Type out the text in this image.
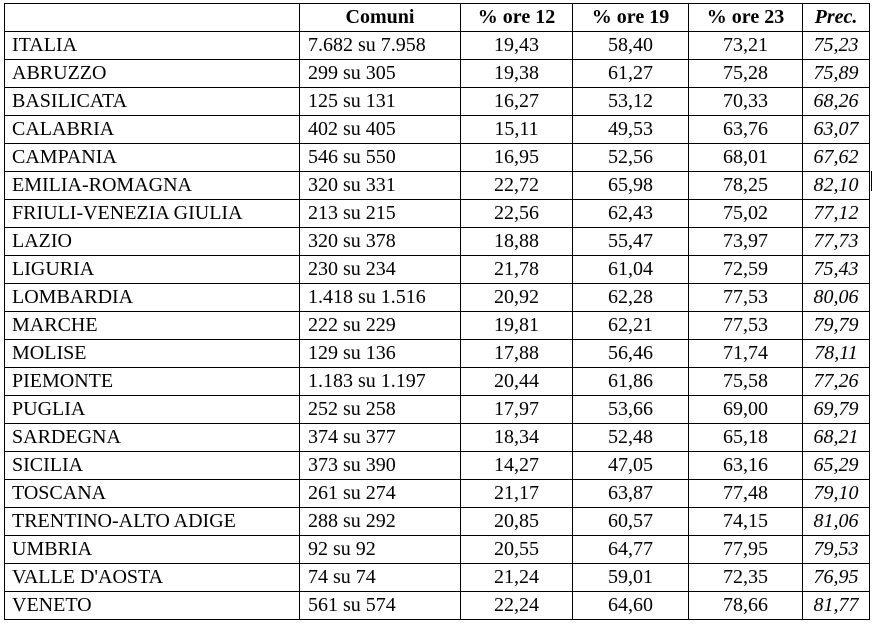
	Comuni	% ore 12	% ore 19	% ore 23	Prec.
ITALIA	7.682 su 7.958	19,43	58,40	73,21	75,23
ABRUZZO	299 su 305	19,38	61,27	75,28	75,89
BASILICATA	125 su 131	16,27	53,12	70,33	68,26
CALABRIA	402 su 405	15,11	49,53	63,76	63,07
CAMPANIA	546 su 550	16,95	52,56	68,01	67,62
EMILIA-ROMAGNA	320 su 331	22,72	65,98	78,25	82,10
FRIULI-VENEZIA GIULIA	213 su 215	22,56	62,43	75,02	77,12
LAZIO	320 su 378	18,88	55,47	73,97	77,73
LIGURIA	230 su 234	21,78	61,04	72,59	75,43
LOMBARDIA	1.418 su 1.516	20,92	62,28	77,53	80,06
MARCHE	222 su 229	19,81	62,21	77,53	79,79
MOLISE	129 su 136	17,88	56,46	71,74	78,11
PIEMONTE	1.183 su 1.197	20,44	61,86	75,58	77,26
PUGLIA	252 su 258	17,97	53,66	69,00	69,79
SARDEGNA	374 su 377	18,34	52,48	65,18	68,21
SICILIA	373 su 390	14,27	47,05	63,16	65,29
TOSCANA	261 su 274	21,17	63,87	77,48	79,10
TRENTINO-ALTO ADIGE	288 su 292	20,85	60,57	74,15	81,06
UMBRIA	92 su 92	20,55	64,77	77,95	79,53
VALLE D'AOSTA	74 su 74	21,24	59,01	72,35	76,95
VENETO	561 su 574	22,24	64,60	78,66	81,77
